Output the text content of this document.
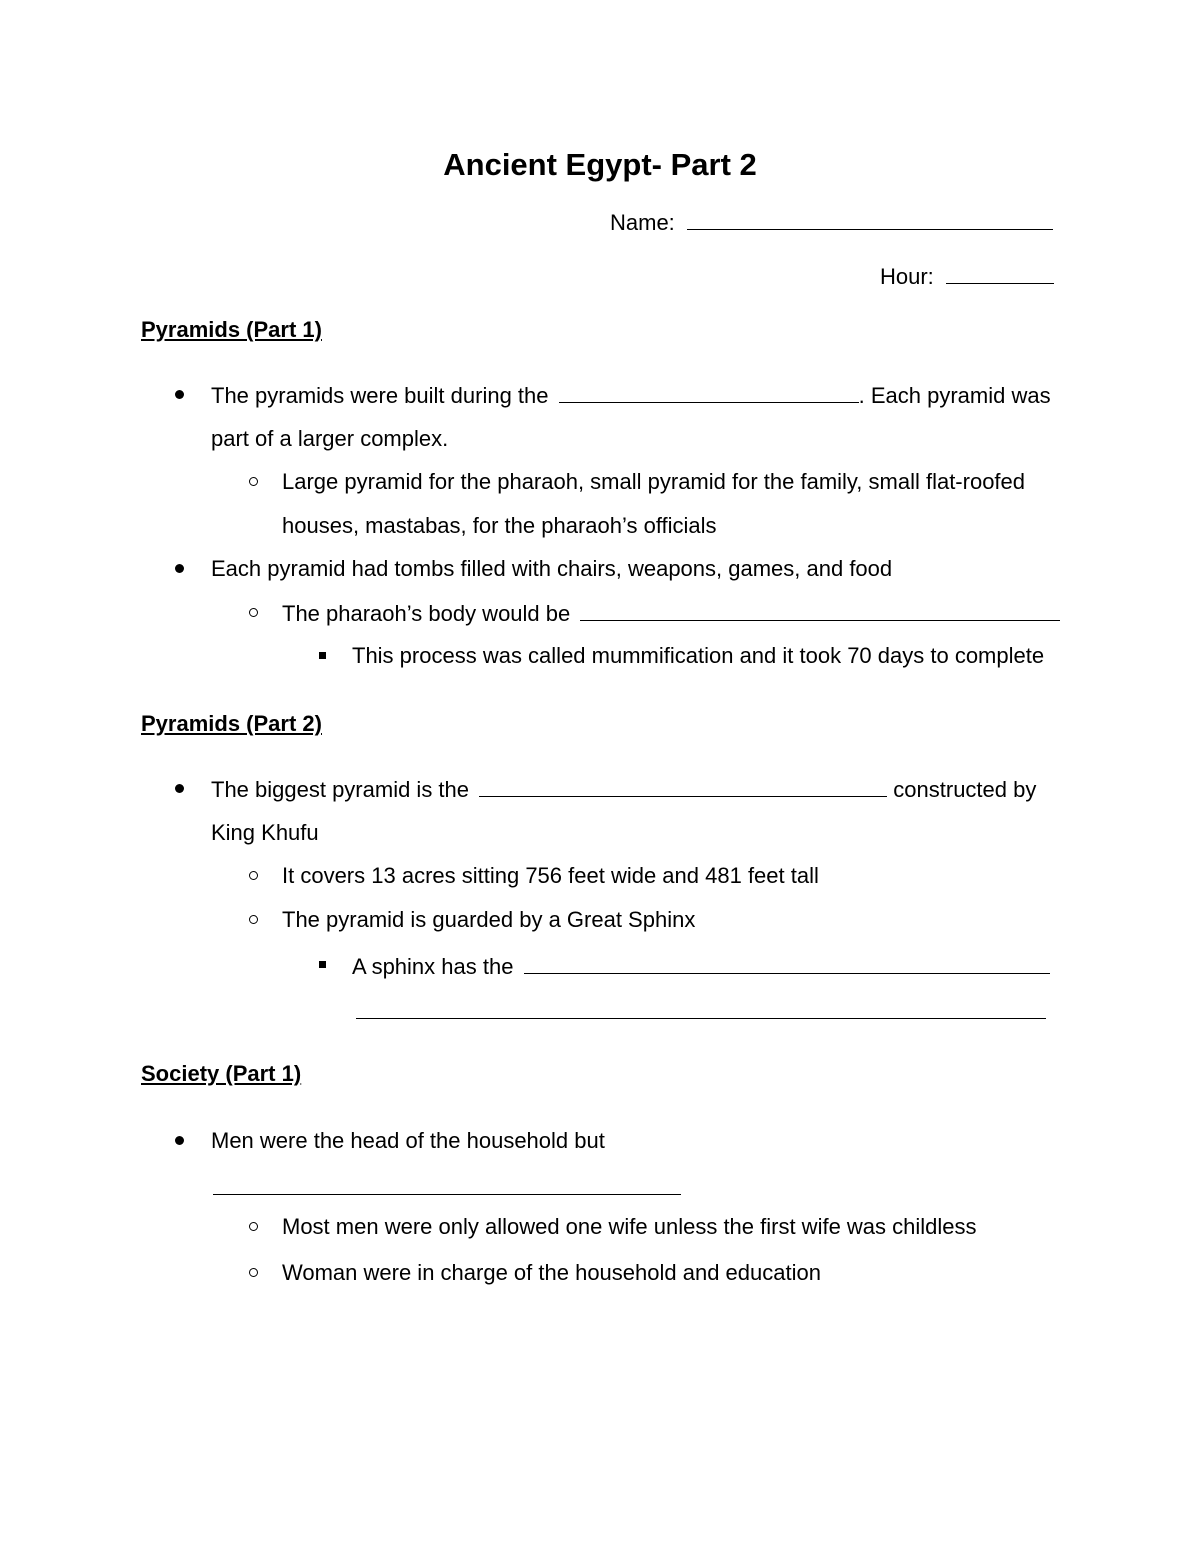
Ancient Egypt- Part 2
Name:
Hour:
Pyramids (Part 1)
The pyramids were built during the	. Each pyramid was
part of a larger complex.
Large pyramid for the pharaoh, small pyramid for the family, small flat-roofed
houses, mastabas, for the pharaoh’s officials
Each pyramid had tombs filled with chairs, weapons, games, and food
The pharaoh’s body would be
This process was called mummification and it took 70 days to complete
Pyramids (Part 2)
The biggest pyramid is the	constructed by
King Khufu
It covers 13 acres sitting 756 feet wide and 481 feet tall
The pyramid is guarded by a Great Sphinx
A sphinx has the
Society (Part 1)
Men were the head of the household but
Most men were only allowed one wife unless the first wife was childless
Woman were in charge of the household and education
